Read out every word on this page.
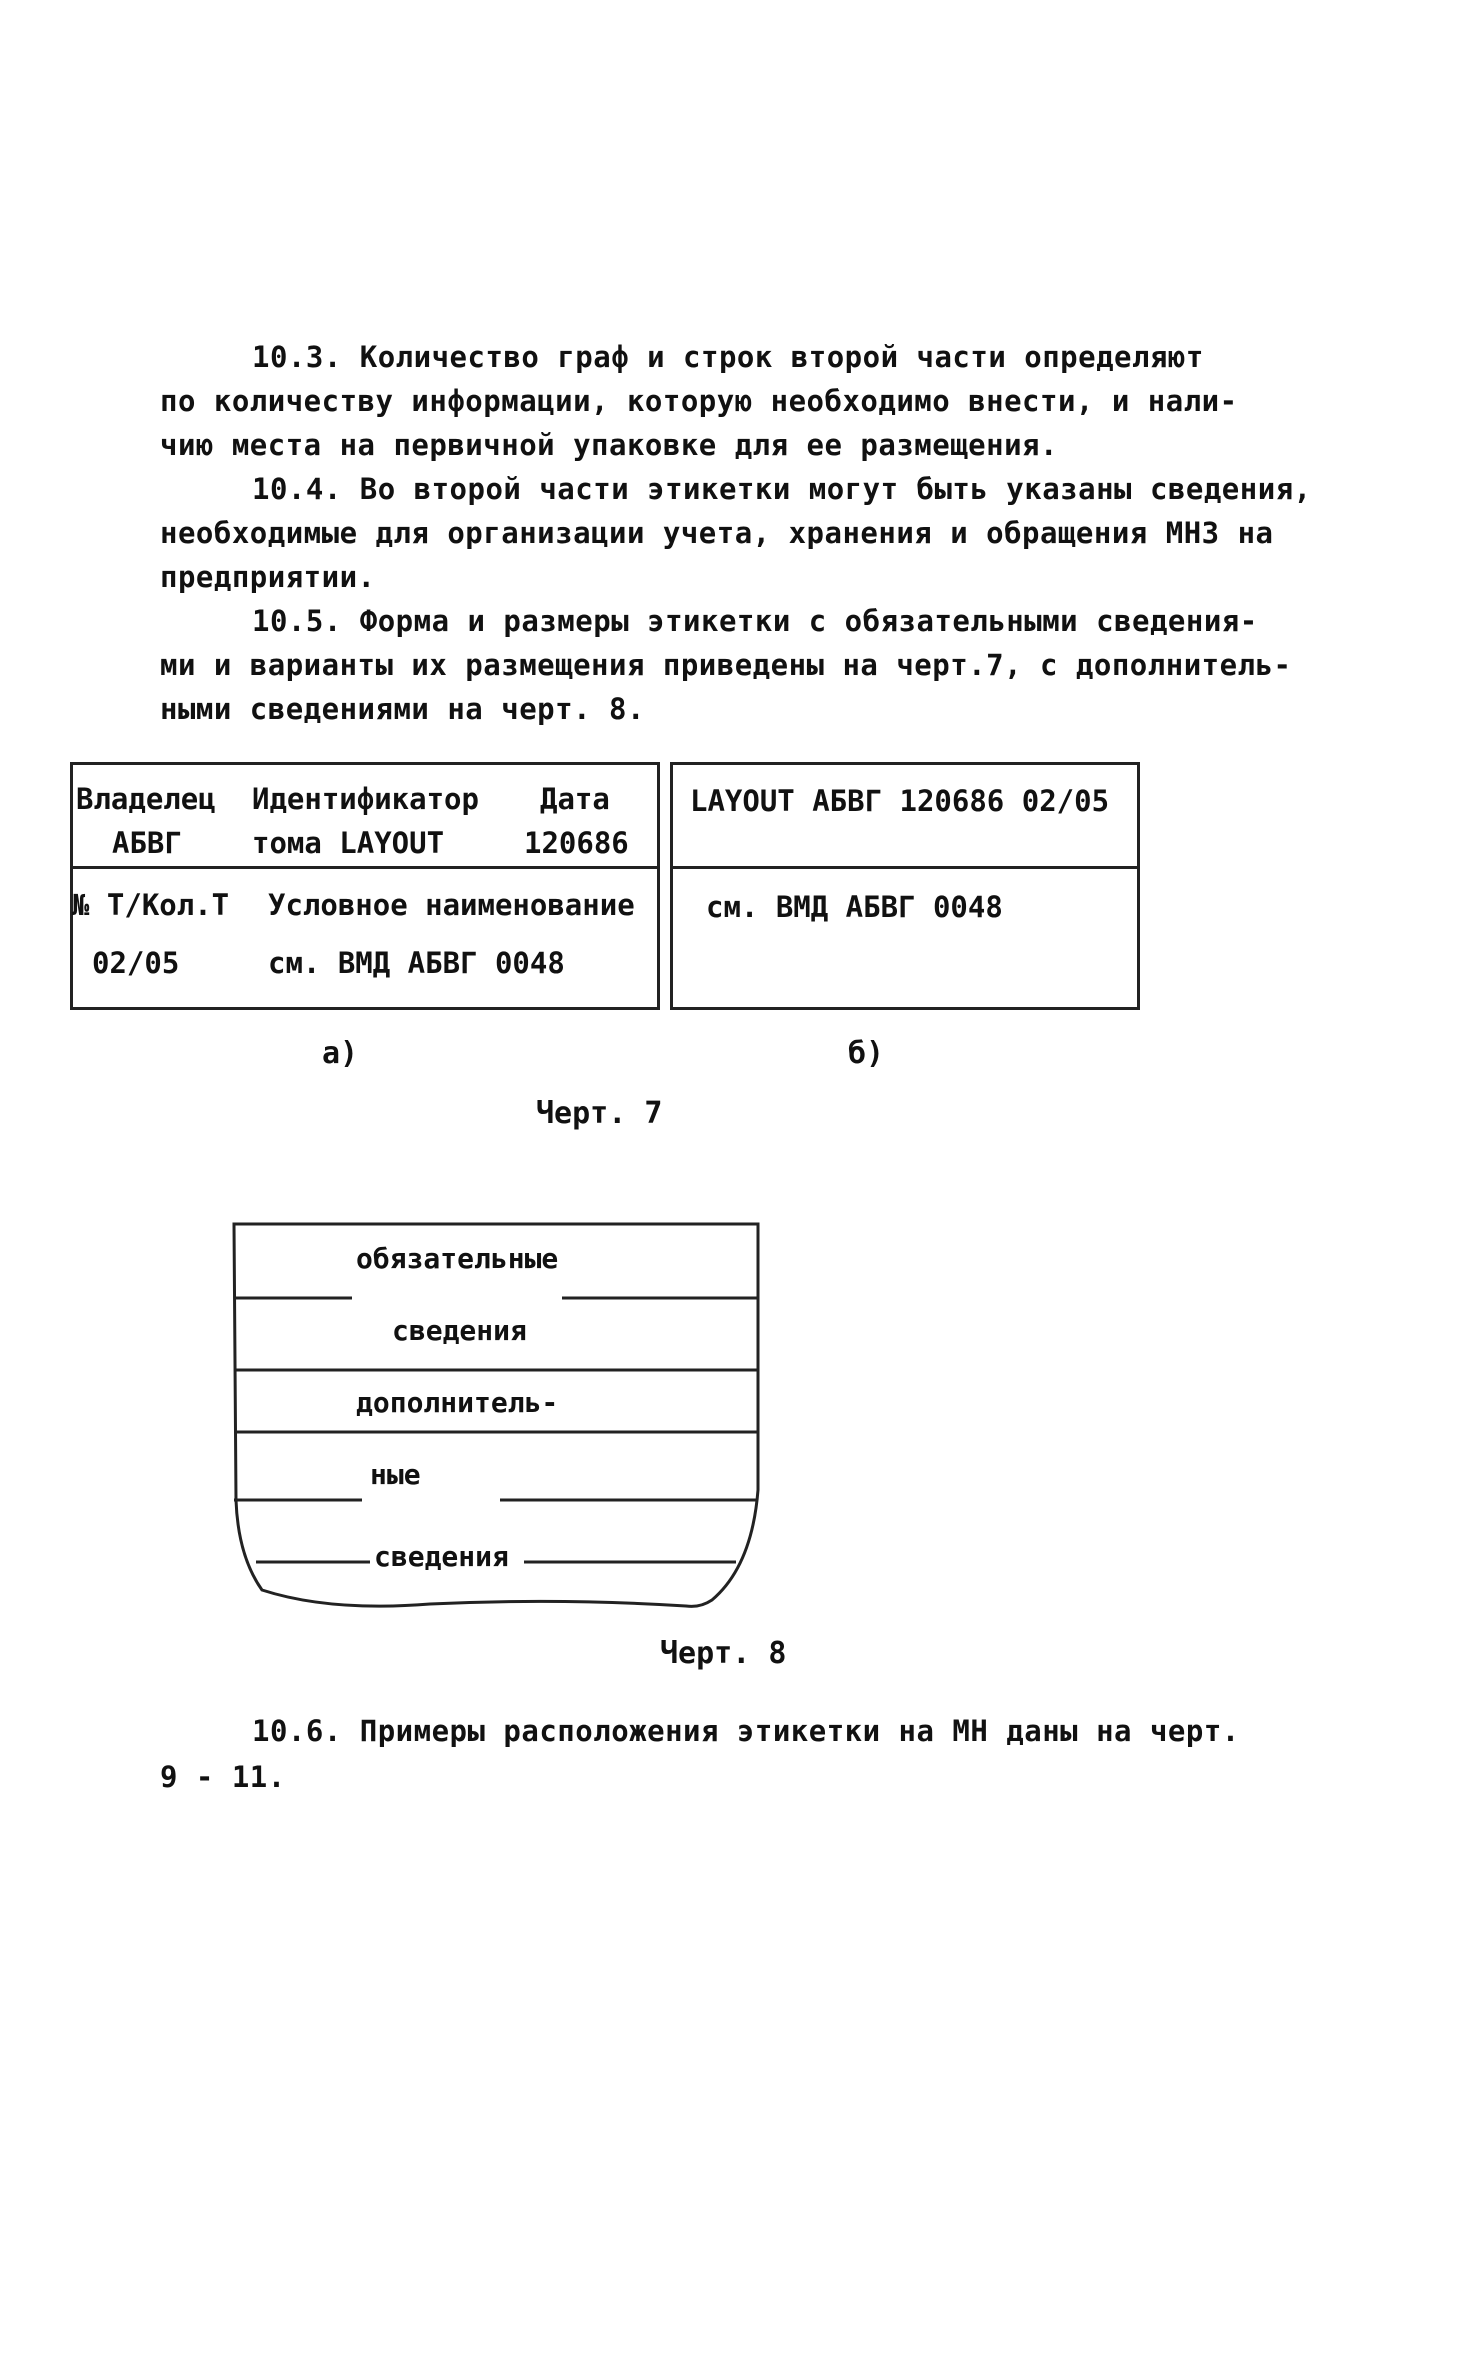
10.3. Количество граф и строк второй части определяют
по количеству информации, которую необходимо внести, и нали-
чию места на первичной упаковке для ее размещения.
10.4. Во второй части этикетки могут быть указаны сведения,
необходимые для организации учета, хранения и обращения МНЗ на
предприятии.
10.5. Форма и размеры этикетки с обязательными сведения-
ми и варианты их размещения приведены на черт.7, с дополнитель-
ными сведениями на черт. 8.
Владелец
АБВГ
Идентификатор
тома LAYOUT
Дата
120686
№ Т/Кол.Т
02/05
Условное наименование
см. ВМД АБВГ 0048
LAYOUT АБВГ 120686 02/05
см. ВМД АБВГ 0048
а)	б)
Черт. 7
обязательные
сведения
дополнитель-
ные
сведения
Черт. 8
10.6. Примеры расположения этикетки на МН даны на черт.
9 - 11.
